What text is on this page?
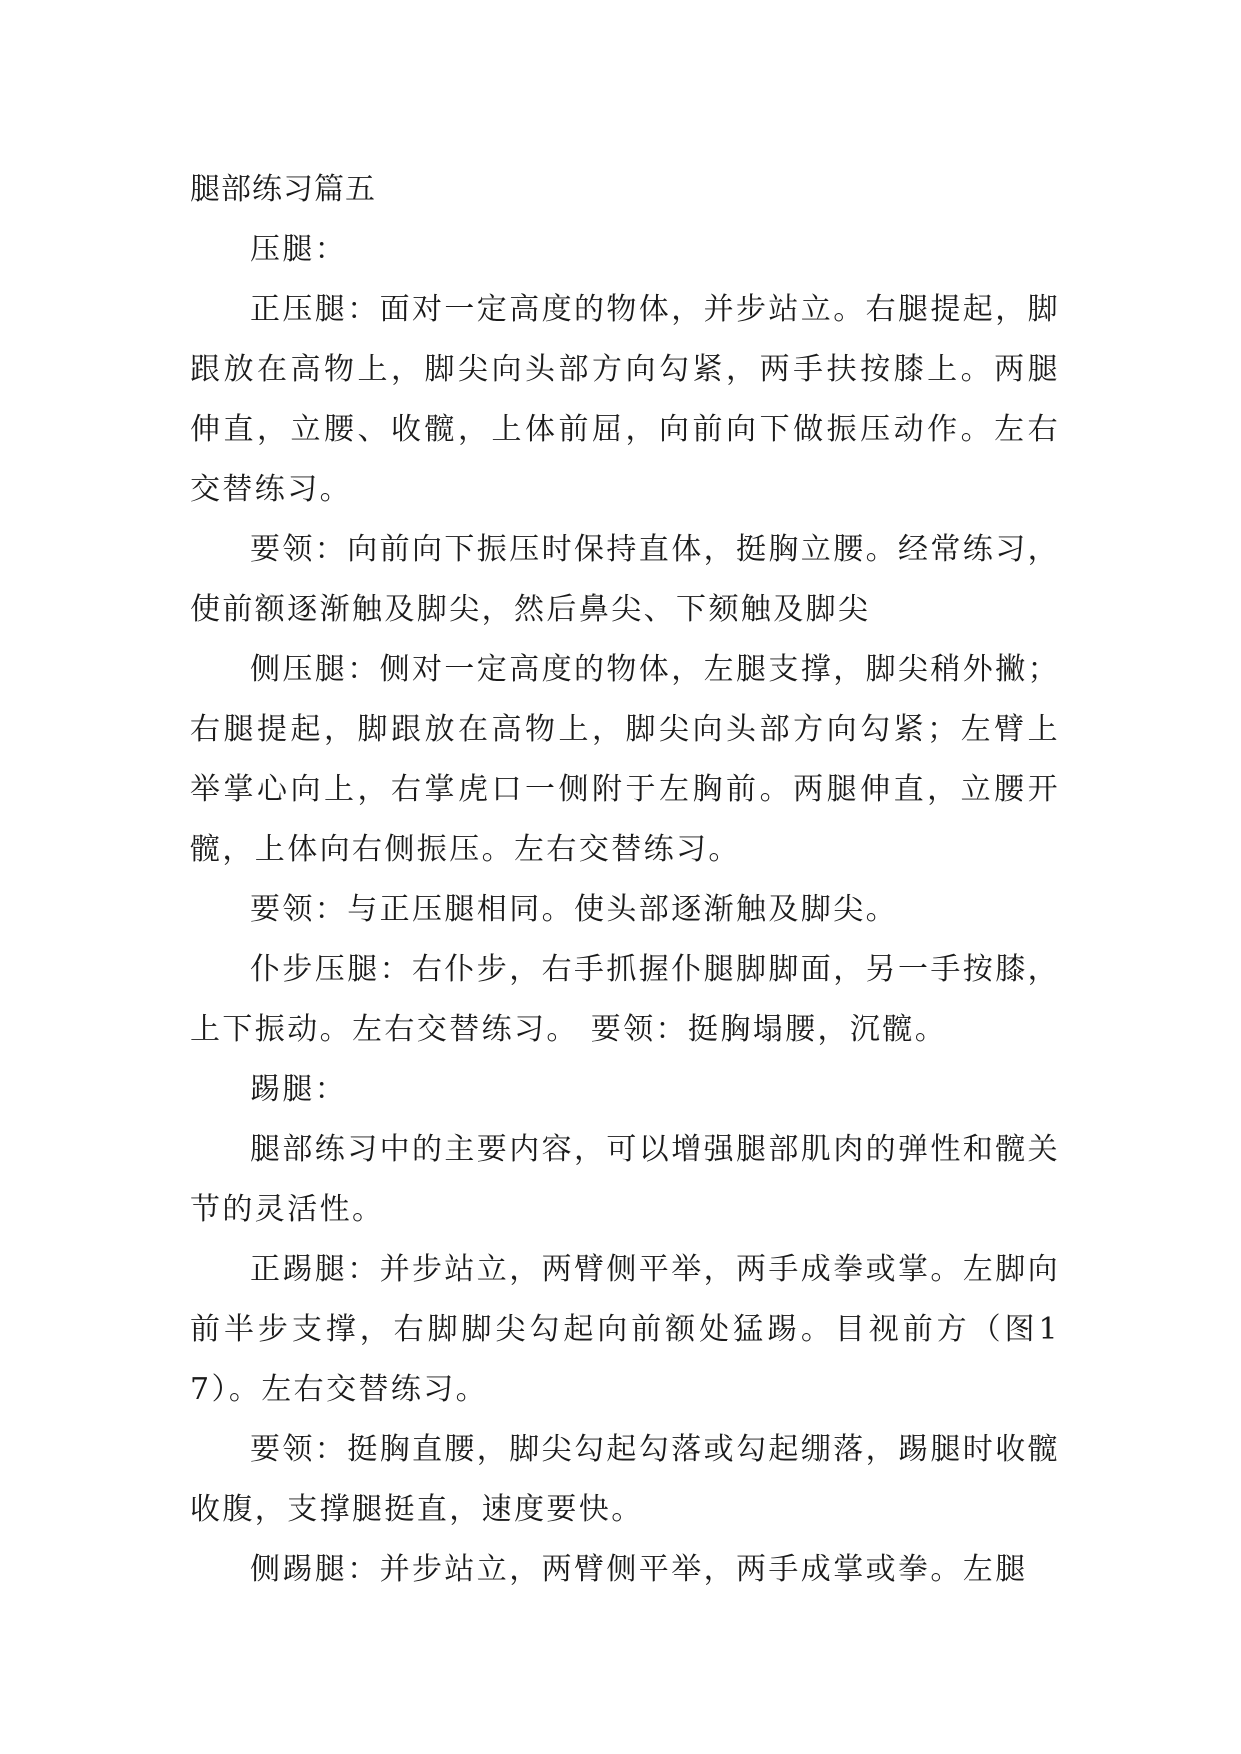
腿部练习篇五

压腿：

正压腿：面对一定高度的物体，并步站立。右腿提起，脚跟放在高物上，脚尖向头部方向勾紧，两手扶按膝上。两腿伸直，立腰、收髋，上体前屈，向前向下做振压动作。左右交替练习。

要领：向前向下振压时保持直体，挺胸立腰。经常练习，使前额逐渐触及脚尖，然后鼻尖、下颏触及脚尖

侧压腿：侧对一定高度的物体，左腿支撑，脚尖稍外撇；右腿提起，脚跟放在高物上，脚尖向头部方向勾紧；左臂上举掌心向上，右掌虎口一侧附于左胸前。两腿伸直，立腰开髋，上体向右侧振压。左右交替练习。

要领：与正压腿相同。使头部逐渐触及脚尖。

仆步压腿：右仆步，右手抓握仆腿脚脚面，另一手按膝，上下振动。左右交替练习。 要领：挺胸塌腰，沉髋。

踢腿：

腿部练习中的主要内容，可以增强腿部肌肉的弹性和髋关节的灵活性。

正踢腿：并步站立，两臂侧平举，两手成拳或掌。左脚向前半步支撑，右脚脚尖勾起向前额处猛踢。目视前方（图17）。左右交替练习。

要领：挺胸直腰，脚尖勾起勾落或勾起绷落，踢腿时收髋收腹，支撑腿挺直，速度要快。

侧踢腿：并步站立，两臂侧平举，两手成掌或拳。左腿
